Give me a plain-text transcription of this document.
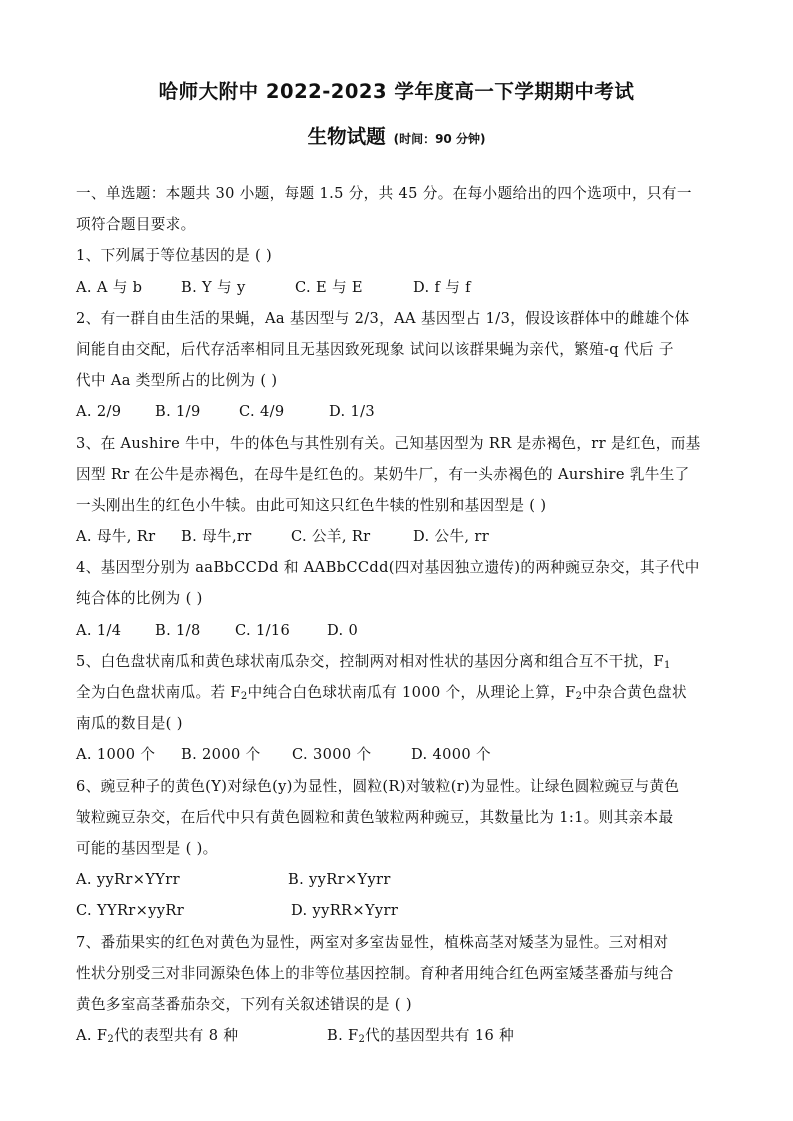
哈师大附中 2022-2023 学年度高一下学期期中考试
生物试题 (时间：90 分钟)
一、单选题：本题共 30 小题，每题 1.5 分，共 45 分。在每小题给出的四个选项中，只有一
项符合题目要求。
1、下列属于等位基因的是 ( )
A. A 与 b	B. Y 与 y	C. E 与 E	D. f 与 f
2、有一群自由生活的果蝇，Aa 基因型与 2/3，AA 基因型占 1/3，假设该群体中的雌雄个体
间能自由交配，后代存活率相同且无基因致死现象 试问以该群果蝇为亲代，繁殖-q 代后 子
代中 Aa 类型所占的比例为 ( )
A. 2/9 B. 1/9	C. 4/9	D. 1/3
3、在 Aushire 牛中，牛的体色与其性别有关。己知基因型为 RR 是赤褐色，rr 是红色，而基
因型 Rr 在公牛是赤褐色，在母牛是红色的。某奶牛厂，有一头赤褐色的 Aurshire 乳牛生了
一头刚出生的红色小牛犊。由此可知这只红色牛犊的性别和基因型是 ( )
A. 母牛, Rr B. 母牛,rr	C. 公羊, Rr	D. 公牛, rr
4、基因型分别为 aaBbCCDd 和 AABbCCdd(四对基因独立遗传)的两种豌豆杂交，其子代中
纯合体的比例为 ( )
A. 1/4 B. 1/8 C. 1/16	D. 0
5、白色盘状南瓜和黄色球状南瓜杂交，控制两对相对性状的基因分离和组合互不干扰，$F_1$
全为白色盘状南瓜。若 $F_2$中纯合白色球状南瓜有 1000 个，从理论上算，$F_2$中杂合黄色盘状
南瓜的数目是( )
A. 1000 个 B. 2000 个 C. 3000 个	D. 4000 个
6、豌豆种子的黄色(Y)对绿色(y)为显性，圆粒(R)对皱粒(r)为显性。让绿色圆粒豌豆与黄色
皱粒豌豆杂交，在后代中只有黄色圆粒和黄色皱粒两种豌豆，其数量比为 1:1。则其亲本最
可能的基因型是 ( )。
A. yyRr×YYrr	B. yyRr×Yyrr
C. YYRr×yyRr	D. yyRR×Yyrr
7、番茄果实的红色对黄色为显性，两室对多室齿显性，植株高茎对矮茎为显性。三对相对
性状分别受三对非同源染色体上的非等位基因控制。育种者用纯合红色两室矮茎番茄与纯合
黄色多室高茎番茄杂交，下列有关叙述错误的是 ( )
A. $F_2$代的表型共有 8 种	B. $F_2$代的基因型共有 16 种
